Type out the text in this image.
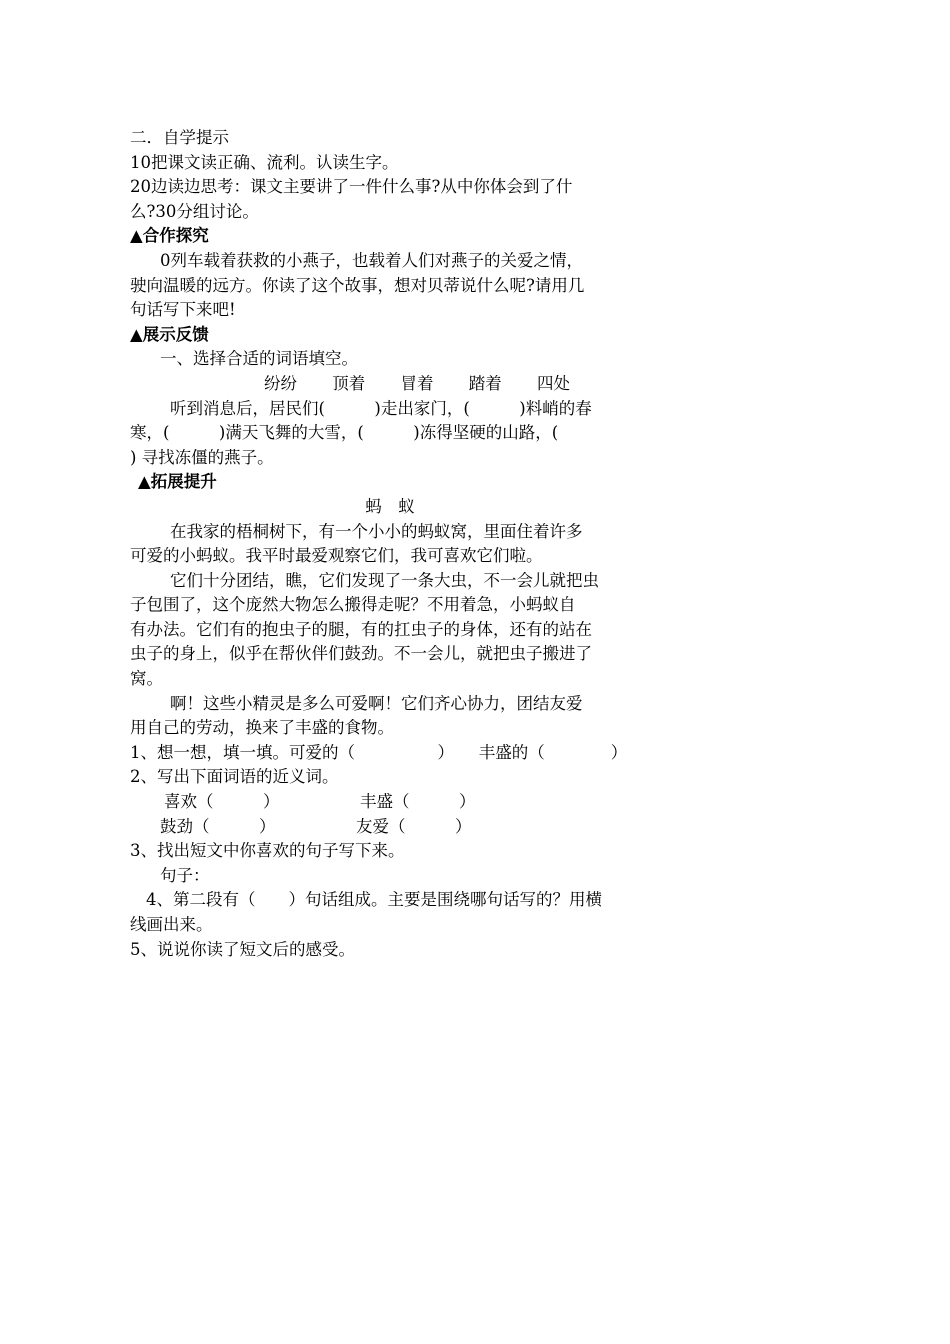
二．自学提示

10把课文读正确、流利。认读生字。

20边读边思考：课文主要讲了一件什么事?从中你体会到了什

么?30分组讨论。

▲合作探究

0列车载着获救的小燕子，也载着人们对燕子的关爱之情，

驶向温暖的远方。你读了这个故事，想对贝蒂说什么呢?请用几

句话写下来吧!

▲展示反馈

一、选择合适的词语填空。

纷纷 顶着 冒着 踏着 四处

听到消息后，居民们(　　　)走出家门，(　　　)料峭的春

寒，(　　　)满天飞舞的大雪，(　　　)冻得坚硬的山路，(　

) 寻找冻僵的燕子。

▲拓展提升

蚂　蚁

在我家的梧桐树下，有一个小小的蚂蚁窝，里面住着许多

可爱的小蚂蚁。我平时最爱观察它们，我可喜欢它们啦。

它们十分团结，瞧，它们发现了一条大虫，不一会儿就把虫

子包围了，这个庞然大物怎么搬得走呢？不用着急，小蚂蚁自

有办法。它们有的抱虫子的腿，有的扛虫子的身体，还有的站在

虫子的身上，似乎在帮伙伴们鼓劲。不一会儿，就把虫子搬进了

窝。

啊！这些小精灵是多么可爱啊！它们齐心协力，团结友爱

用自己的劳动，换来了丰盛的食物。

1、想一想，填一填。可爱的（　　　　　）　　丰盛的（　　　　）

2、写出下面词语的近义词。

喜欢（　　　）	丰盛（　　　）

鼓劲（　　　）	友爱（　　　）

3、找出短文中你喜欢的句子写下来。

句子：

4、第二段有（　　）句话组成。主要是围绕哪句话写的？用横

线画出来。

5、说说你读了短文后的感受。
